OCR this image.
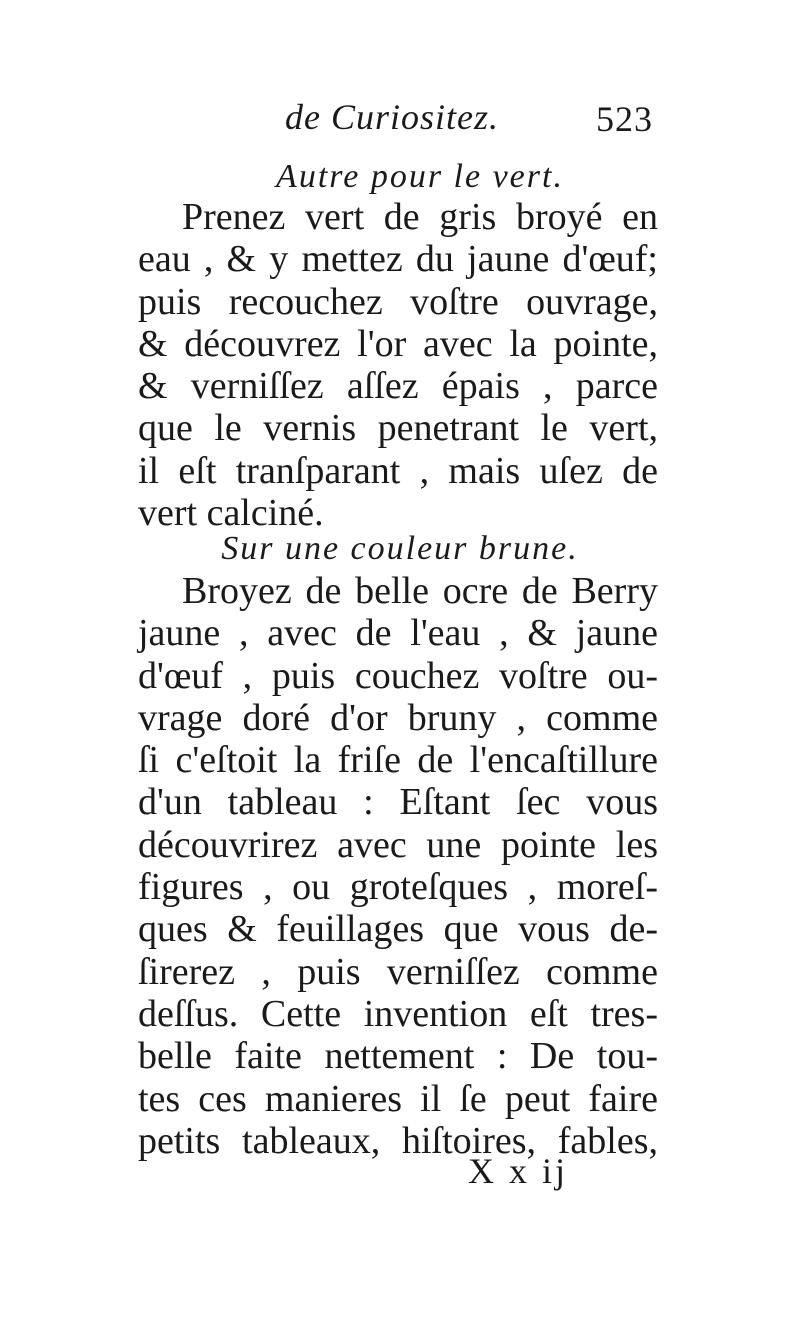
de Curiositez.	523
Autre pour le vert.
Prenez vert de gris broyé en
eau , & y mettez du jaune d'œuf;
puis recouchez voſtre ouvrage,
& découvrez l'or avec la pointe,
& verniſſez aſſez épais , parce
que le vernis penetrant le vert,
il eſt tranſparant , mais uſez de
vert calciné.
Sur une couleur brune.
Broyez de belle ocre de Berry
jaune , avec de l'eau , & jaune
d'œuf , puis couchez voſtre ou-
vrage doré d'or bruny , comme
ſi c'eſtoit la friſe de l'encaſtillure
d'un tableau : Eſtant ſec vous
découvrirez avec une pointe les
figures , ou groteſques , moreſ-
ques & feuillages que vous de-
ſirerez , puis verniſſez comme
deſſus. Cette invention eſt tres-
belle faite nettement : De tou-
tes ces manieres il ſe peut faire
petits tableaux, hiſtoires, fables,
X x ij
